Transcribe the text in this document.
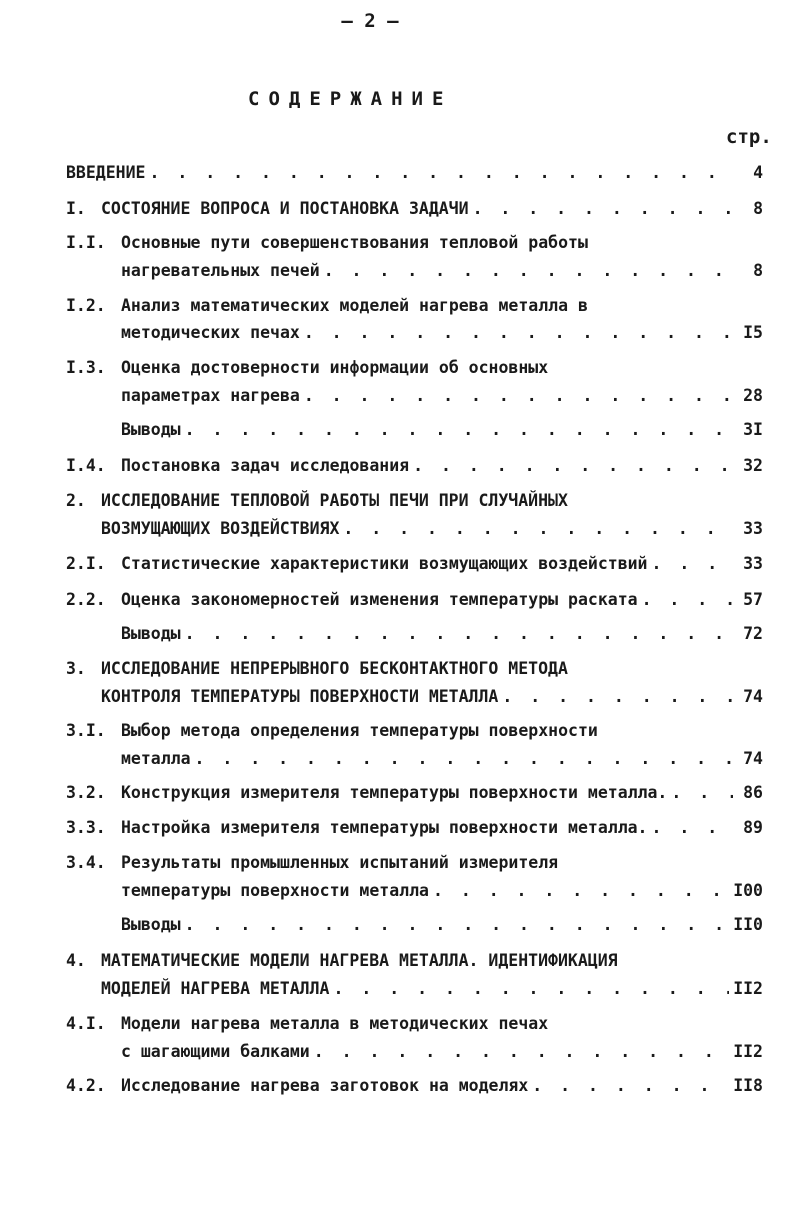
– 2 –
СОДЕРЖАНИЕ
стр.
ВВЕДЕНИЕ . . .	4
I. СОСТОЯНИЕ ВОПРОСА И ПОСТАНОВКА ЗАДАЧИ . . .	8
I.I. Основные пути совершенствования тепловой работы
нагревательных печей . . .	8
I.2. Анализ математических моделей нагрева металла в
методических печах . . .	I5
I.3. Оценка достоверности информации об основных
параметрах нагрева . . .	28
Выводы . . .	3I
I.4. Постановка задач исследования . . .	32
2. ИССЛЕДОВАНИЕ ТЕПЛОВОЙ РАБОТЫ ПЕЧИ ПРИ СЛУЧАЙНЫХ
ВОЗМУЩАЮЩИХ ВОЗДЕЙСТВИЯХ . . .	33
2.I. Статистические характеристики возмущающих воздействий . . .	33
2.2. Оценка закономерностей изменения температуры раската . . .	57
Выводы . . .	72
3. ИССЛЕДОВАНИЕ НЕПРЕРЫВНОГО БЕСКОНТАКТНОГО МЕТОДА
КОНТРОЛЯ ТЕМПЕРАТУРЫ ПОВЕРХНОСТИ МЕТАЛЛА . . .	74
3.I. Выбор метода определения температуры поверхности
металла . . .	74
3.2. Конструкция измерителя температуры поверхности металла. . . .	86
3.3. Настройка измерителя температуры поверхности металла. . . .	89
3.4. Результаты промышленных испытаний измерителя
температуры поверхности металла . . .	I00
Выводы . . .	II0
4. МАТЕМАТИЧЕСКИЕ МОДЕЛИ НАГРЕВА МЕТАЛЛА. ИДЕНТИФИКАЦИЯ
МОДЕЛЕЙ НАГРЕВА МЕТАЛЛА . . .	II2
4.I. Модели нагрева металла в методических печах
с шагающими балками . . .	II2
4.2. Исследование нагрева заготовок на моделях . . .	II8
